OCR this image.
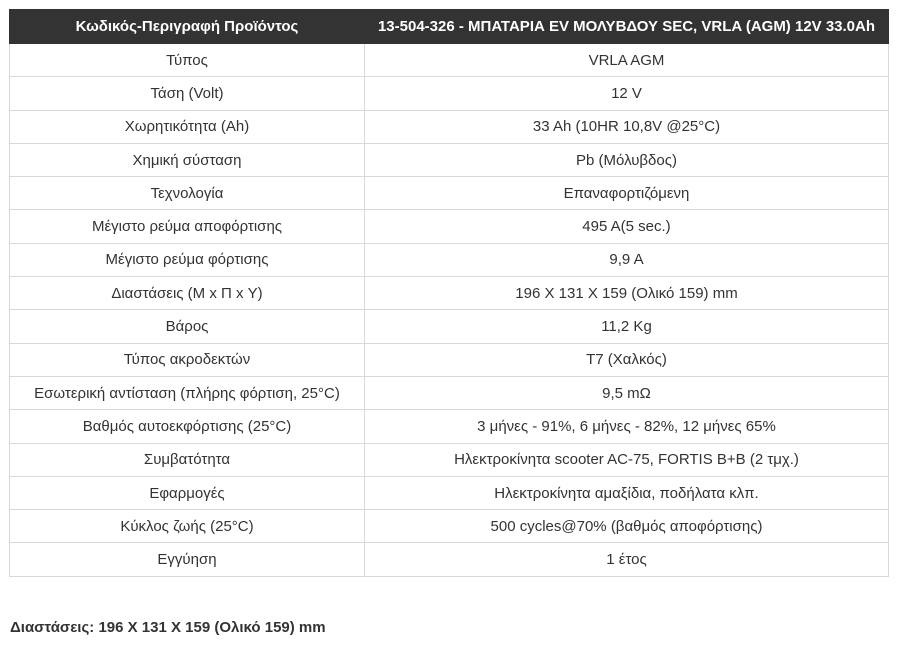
Κωδικός-Περιγραφή Προϊόντος	13-504-326 - ΜΠΑΤΑΡΙΑ EV ΜΟΛΥΒΔΟΥ SEC, VRLA (AGM) 12V 33.0Ah
Τύπος	VRLA AGM
Τάση (Volt)	12 V
Χωρητικότητα (Ah)	33 Ah (10HR 10,8V @25°C)
Χημική σύσταση	Pb (Μόλυβδος)
Τεχνολογία	Επαναφορτιζόμενη
Μέγιστο ρεύμα αποφόρτισης	495 A(5 sec.)
Μέγιστο ρεύμα φόρτισης	9,9 A
Διαστάσεις (Μ x Π x Υ)	196 X 131 X 159 (Ολικό 159) mm
Βάρος	11,2 Kg
Τύπος ακροδεκτών	T7 (Χαλκός)
Εσωτερική αντίσταση (πλήρης φόρτιση, 25°C)	9,5 mΩ
Βαθμός αυτοεκφόρτισης (25°C)	3 μήνες - 91%, 6 μήνες - 82%, 12 μήνες 65%
Συμβατότητα	Ηλεκτροκίνητα scooter AC-75, FORTIS B+B (2 τμχ.)
Εφαρμογές	Ηλεκτροκίνητα αμαξίδια, ποδήλατα κλπ.
Κύκλος ζωής (25°C)	500 cycles@70% (βαθμός αποφόρτισης)
Εγγύηση	1 έτος
Διαστάσεις: 196 X 131 X 159 (Ολικό 159) mm
